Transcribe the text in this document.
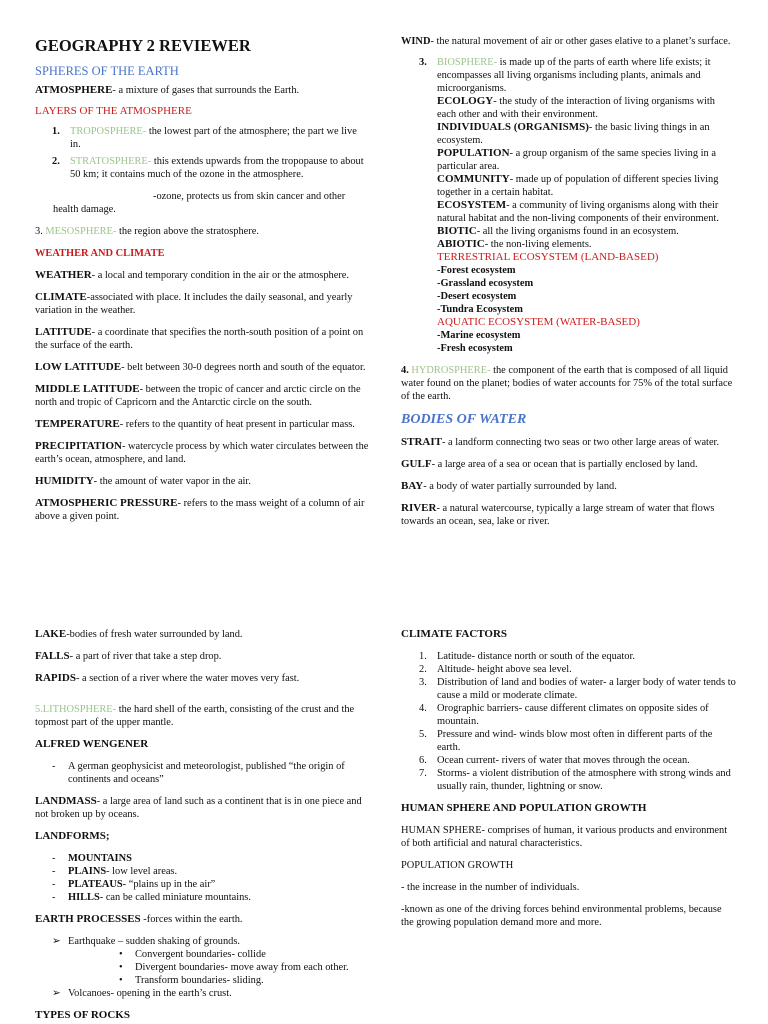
GEOGRAPHY 2 REVIEWER

SPHERES OF THE EARTH

ATMOSPHERE- a mixture of gases that surrounds the Earth.

LAYERS OF THE ATMOSPHERE

1. TROPOSPHERE- the lowest part of the atmosphere; the part we live in.
2. STRATOSPHERE- this extends upwards from the tropopause to about 50 km; it contains much of the ozone in the atmosphere.

-ozone, protects us from skin cancer and other

health damage.

3. MESOSPHERE- the region above the stratosphere.

WEATHER AND CLIMATE

WEATHER- a local and temporary condition in the air or the atmosphere.

CLIMATE-associated with place. It includes the daily seasonal, and yearly variation in the weather.

LATITUDE- a coordinate that specifies the north-south position of a point on the surface of the earth.

LOW LATITUDE- belt between 30-0 degrees north and south of the equator.

MIDDLE LATITUDE- between the tropic of cancer and arctic circle on the north and tropic of Capricorn and the Antarctic circle on the south.

TEMPERATURE- refers to the quantity of heat present in particular mass.

PRECIPITATION- watercycle process by which water circulates between the earth’s ocean, atmosphere, and land.

HUMIDITY- the amount of water vapor in the air.

ATMOSPHERIC PRESSURE- refers to the mass weight of a column of air above a given point.

WIND- the natural movement of air or other gases elative to a planet’s surface.

3. BIOSPHERE- is made up of the parts of earth where life exists; it encompasses all living organisms including plants, animals and microorganisms.

ECOLOGY- the study of the interaction of living organisms with each other and with their environment.

INDIVIDUALS (ORGANISMS)- the basic living things in an ecosystem.

POPULATION- a group organism of the same species living in a particular area.

COMMUNITY- made up of population of different species living together in a certain habitat.

ECOSYSTEM- a community of living organisms along with their natural habitat and the non-living components of their environment.

BIOTIC- all the living organisms found in an ecosystem.

ABIOTIC- the non-living elements.

TERRESTRIAL ECOSYSTEM (LAND-BASED)

-Forest ecosystem

-Grassland ecosystem

-Desert ecosystem

-Tundra Ecosystem

AQUATIC ECOSYSTEM (WATER-BASED)

-Marine ecosystem

-Fresh ecosystem

4. HYDROSPHERE- the component of the earth that is composed of all liquid water found on the planet; bodies of water accounts for 75% of the total surface of the earth.

BODIES OF WATER

STRAIT- a landform connecting two seas or two other large areas of water.

GULF- a large area of a sea or ocean that is partially enclosed by land.

BAY- a body of water partially surrounded by land.

RIVER- a natural watercourse, typically a large stream of water that flows towards an ocean, sea, lake or river.

LAKE-bodies of fresh water surrounded by land.

FALLS- a part of river that take a step drop.

RAPIDS- a section of a river where the water moves very fast.

5.LITHOSPHERE- the hard shell of the earth, consisting of the crust and the topmost part of the upper mantle.

ALFRED WENGENER

-	A german geophysicist and meteorologist, published “the origin of continents and oceans”

LANDMASS- a large area of land such as a continent that is in one piece and not broken up by oceans.

LANDFORMS;

-	MOUNTAINS
-	PLAINS- low level areas.
-	PLATEAUS- “plains up in the air”
-	HILLS- can be called miniature mountains.

EARTH PROCESSES -forces within the earth.

➢ Earthquake – sudden shaking of grounds.
•	Convergent boundaries- collide
•	Divergent boundaries- move away from each other.
•	Transform boundaries- sliding.
➢ Volcanoes- opening in the earth’s crust.

TYPES OF ROCKS

CLIMATE FACTORS

1. Latitude- distance north or south of the equator.
2. Altitude- height above sea level.
3. Distribution of land and bodies of water- a larger body of water tends to cause a mild or moderate climate.
4. Orographic barriers- cause different climates on opposite sides of mountain.
5. Pressure and wind- winds blow most often in different parts of the earth.
6. Ocean current- rivers of water that moves through the ocean.
7. Storms- a violent distribution of the atmosphere with strong winds and usually rain, thunder, lightning or snow.

HUMAN SPHERE AND POPULATION GROWTH

HUMAN SPHERE- comprises of human, it various products and environment of both artificial and natural characteristics.

POPULATION GROWTH

- the increase in the number of individuals.

-known as one of the driving forces behind environmental problems, because the growing population demand more and more.
